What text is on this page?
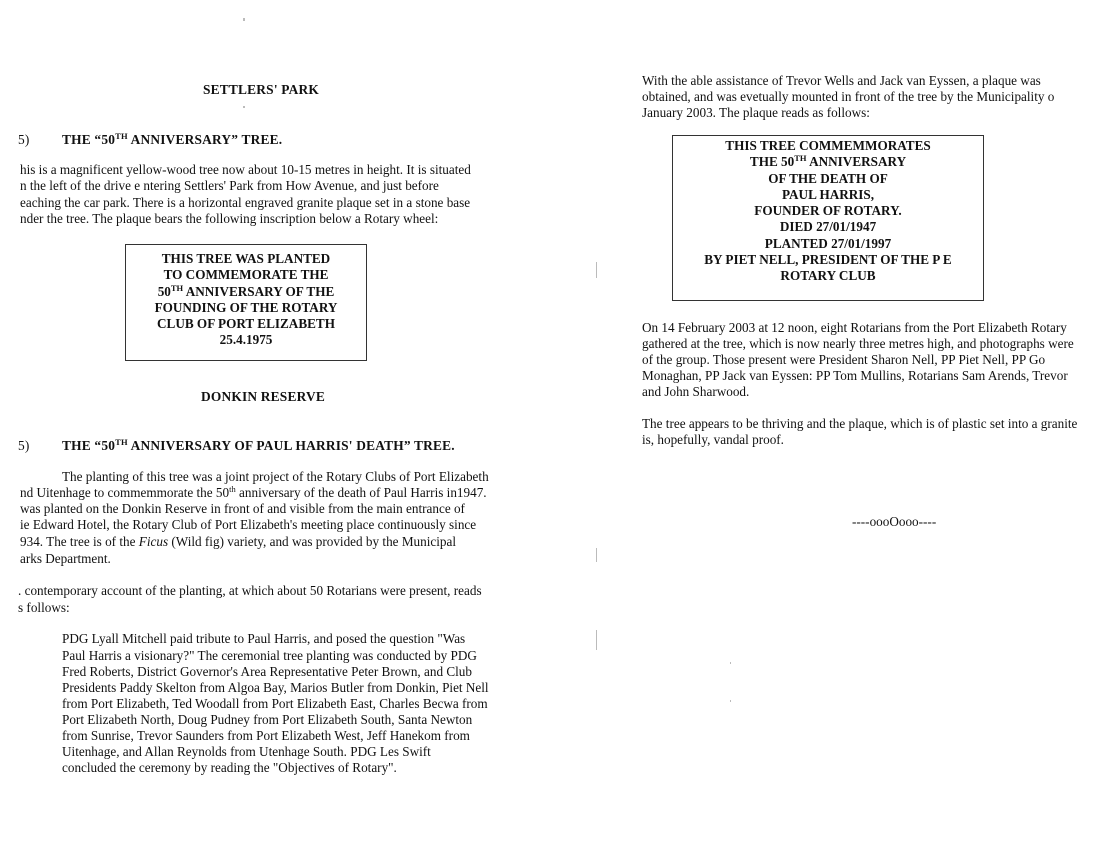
SETTLERS' PARK
5) THE “50TH ANNIVERSARY” TREE.
his is a magnificent yellow-wood tree now about 10-15 metres in height. It is situated
n the left of the drive e ntering Settlers' Park from How Avenue, and just before
eaching the car park. There is a horizontal engraved granite plaque set in a stone base
nder the tree. The plaque bears the following inscription below a Rotary wheel:
THIS TREE WAS PLANTED
TO COMMEMORATE THE
50TH ANNIVERSARY OF THE
FOUNDING OF THE ROTARY
CLUB OF PORT ELIZABETH
25.4.1975
DONKIN RESERVE
5) THE “50TH ANNIVERSARY OF PAUL HARRIS' DEATH” TREE.
The planting of this tree was a joint project of the Rotary Clubs of Port Elizabeth
nd Uitenhage to commemmorate the 50th anniversary of the death of Paul Harris in1947.
was planted on the Donkin Reserve in front of and visible from the main entrance of
ie Edward Hotel, the Rotary Club of Port Elizabeth's meeting place continuously since
934. The tree is of the Ficus (Wild fig) variety, and was provided by the Municipal
arks Department.
. contemporary account of the planting, at which about 50 Rotarians were present, reads
s follows:
PDG Lyall Mitchell paid tribute to Paul Harris, and posed the question "Was
Paul Harris a visionary?" The ceremonial tree planting was conducted by PDG
Fred Roberts, District Governor's Area Representative Peter Brown, and Club
Presidents Paddy Skelton from Algoa Bay, Marios Butler from Donkin, Piet Nell
from Port Elizabeth, Ted Woodall from Port Elizabeth East, Charles Becwa from
Port Elizabeth North, Doug Pudney from Port Elizabeth South, Santa Newton
from Sunrise, Trevor Saunders from Port Elizabeth West, Jeff Hanekom from
Uitenhage, and Allan Reynolds from Utenhage South. PDG Les Swift
concluded the ceremony by reading the "Objectives of Rotary".
With the able assistance of Trevor Wells and Jack van Eyssen, a plaque was
obtained, and was evetually mounted in front of the tree by the Municipality o
January 2003. The plaque reads as follows:
THIS TREE COMMEMMORATES
THE 50TH ANNIVERSARY
OF THE DEATH OF
PAUL HARRIS,
FOUNDER OF ROTARY.
DIED 27/01/1947
PLANTED 27/01/1997
BY PIET NELL, PRESIDENT OF THE P E
ROTARY CLUB
On 14 February 2003 at 12 noon, eight Rotarians from the Port Elizabeth Rotary
gathered at the tree, which is now nearly three metres high, and photographs were
of the group. Those present were President Sharon Nell, PP Piet Nell, PP Go
Monaghan, PP Jack van Eyssen: PP Tom Mullins, Rotarians Sam Arends, Trevor
and John Sharwood.
The tree appears to be thriving and the plaque, which is of plastic set into a granite
is, hopefully, vandal proof.
----oooOooo----
